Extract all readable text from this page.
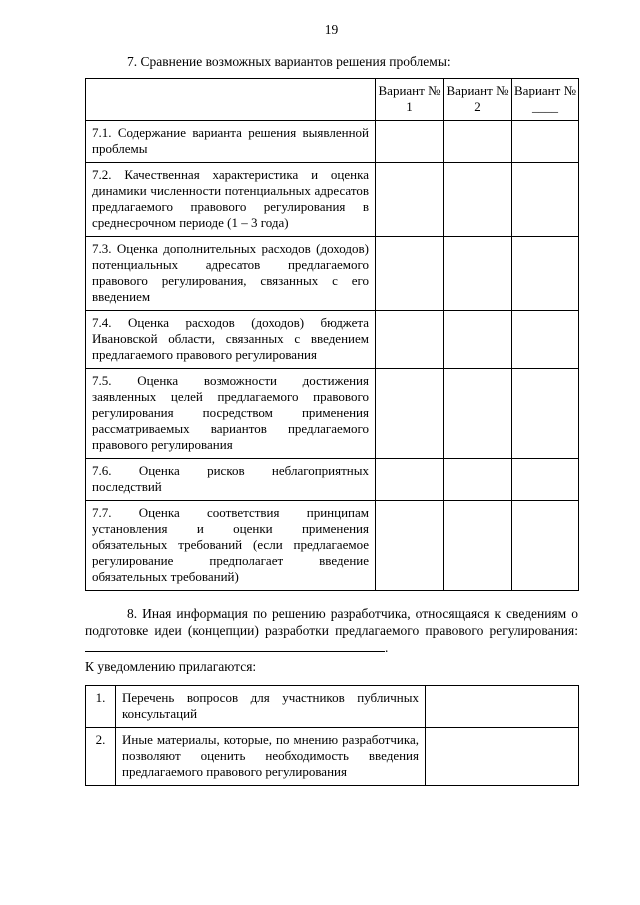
19

7. Сравнение возможных вариантов решения проблемы:

	Вариант № 1	Вариант № 2	Вариант № ____
7.1. Содержание варианта решения выявленной проблемы			
7.2. Качественная характеристика и оценка динамики численности потенциальных адресатов предлагаемого правового регулирования в среднесрочном периоде (1 – 3 года)			
7.3. Оценка дополнительных расходов (доходов) потенциальных адресатов предлагаемого правового регулирования, связанных с его введением			
7.4. Оценка расходов (доходов) бюджета Ивановской области, связанных с введением предлагаемого правового регулирования			
7.5. Оценка возможности достижения заявленных целей предлагаемого правового регулирования посредством применения рассматриваемых вариантов предлагаемого правового регулирования			
7.6. Оценка рисков неблагоприятных последствий			
7.7. Оценка соответствия принципам установления и оценки применения обязательных требований (если предлагаемое регулирование предполагает введение обязательных требований)			

8. Иная информация по решению разработчика, относящаяся к сведениям о подготовке идеи (концепции) разработки предлагаемого правового регулирования: .

К уведомлению прилагаются:

1.	Перечень вопросов для участников публичных консультаций	
2.	Иные материалы, которые, по мнению разработчика, позволяют оценить необходимость введения предлагаемого правового регулирования	
